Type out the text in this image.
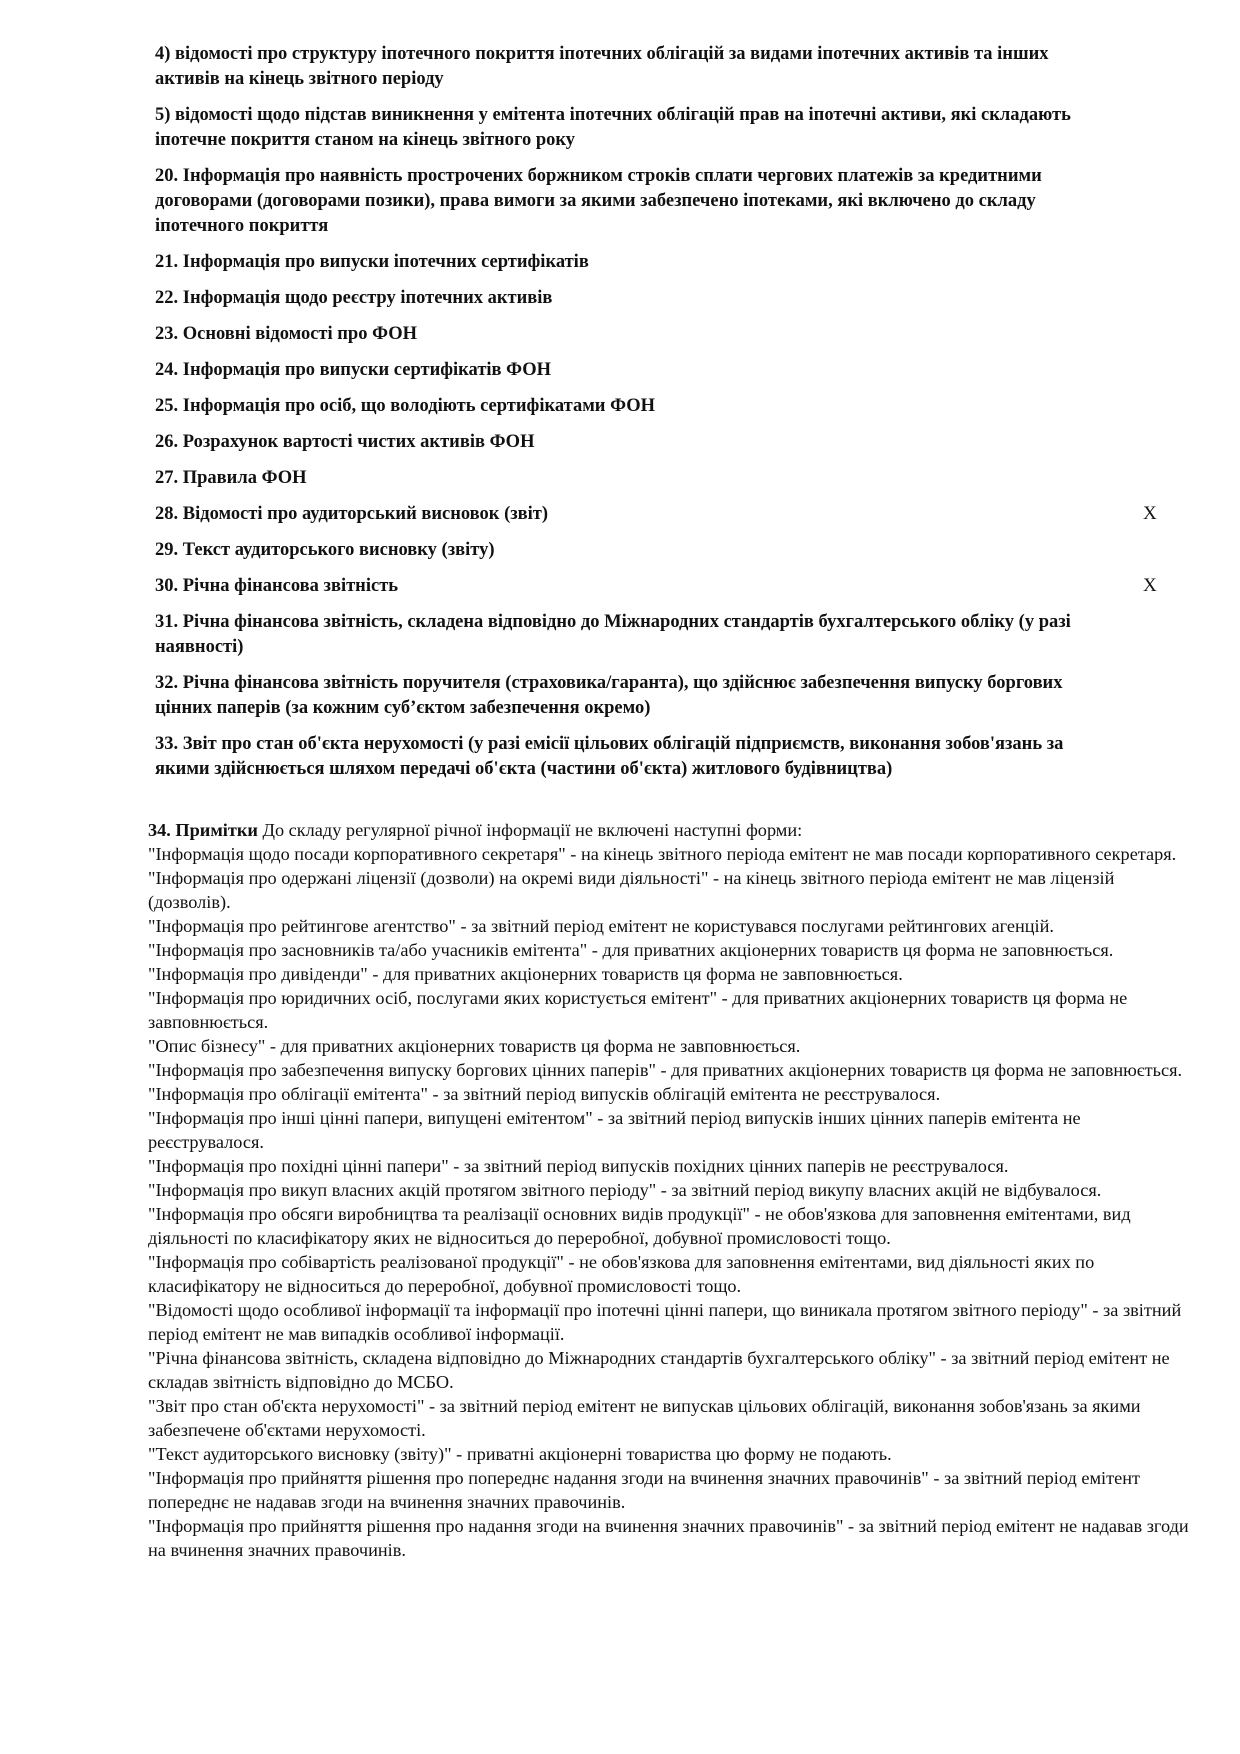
4) відомості про структуру іпотечного покриття іпотечних облігацій за видами іпотечних активів та інших активів на кінець звітного періоду
5) відомості щодо підстав виникнення у емітента іпотечних облігацій прав на іпотечні активи, які складають іпотечне покриття станом на кінець звітного року
20. Інформація про наявність прострочених боржником строків сплати чергових платежів за кредитними договорами (договорами позики), права вимоги за якими забезпечено іпотеками, які включено до складу іпотечного покриття
21. Інформація про випуски іпотечних сертифікатів
22. Інформація щодо реєстру іпотечних активів
23. Основні відомості про ФОН
24. Інформація про випуски сертифікатів ФОН
25. Інформація про осіб, що володіють сертифікатами ФОН
26. Розрахунок вартості чистих активів ФОН
27. Правила ФОН
28. Відомості про аудиторський висновок (звіт)	X
29. Текст аудиторського висновку (звіту)
30. Річна фінансова звітність	X
31. Річна фінансова звітність, складена відповідно до Міжнародних стандартів бухгалтерського обліку (у разі наявності)
32. Річна фінансова звітність поручителя (страховика/гаранта), що здійснює забезпечення випуску боргових цінних паперів (за кожним суб’єктом забезпечення окремо)
33. Звіт про стан об'єкта нерухомості (у разі емісії цільових облігацій підприємств, виконання зобов'язань за якими здійснюється шляхом передачі об'єкта (частини об'єкта) житлового будівництва)
34. Примітки До складу регулярної річної інформації не включені наступні форми:
"Інформація щодо посади корпоративного секретаря" - на кінець звітного періода емітент не мав посади корпоративного секретаря.
"Інформація про одержані ліцензії (дозволи) на окремі види діяльності" - на кінець звітного періода емітент не мав ліцензій (дозволів).
"Інформація про рейтингове агентство" - за звітний період емітент не користувався послугами рейтингових агенцій.
"Інформація про засновників та/або учасників емітента" - для приватних акціонерних товариств ця форма не заповнюється.
"Інформація про дивіденди" - для приватних акціонерних товариств ця форма не завповнюється.
"Інформація про юридичних осіб, послугами яких користується емітент" - для приватних акціонерних товариств ця форма не завповнюється.
"Опис бізнесу" - для приватних акціонерних товариств ця форма не завповнюється.
"Інформація про забезпечення випуску боргових цінних паперів" - для приватних акціонерних товариств ця форма не заповнюється.
"Інформація про облігації емітента" - за звітний період випусків облігацій емітента не реєструвалося.
"Інформація про інші цінні папери, випущені емітентом" - за звітний період випусків інших цінних паперів емітента не реєструвалося.
"Інформація про похідні цінні папери" - за звітний період випусків похідних цінних паперів не реєструвалося.
"Інформація про викуп власних акцій протягом звітного періоду" - за звітний період викупу власних акцій не відбувалося.
"Інформація про обсяги виробництва та реалізації основних видів продукції" - не обов'язкова для заповнення емітентами, вид діяльності по класифікатору яких не відноситься до переробної, добувної промисловості тощо.
"Інформація про собівартість реалізованої продукції" - не обов'язкова для заповнення емітентами, вид діяльності яких по класифікатору не відноситься до переробної, добувної промисловості тощо.
"Відомості щодо особливої інформації та інформації про іпотечні цінні папери, що виникала протягом звітного періоду" - за звітний період емітент не мав випадків особливої інформації.
"Річна фінансова звітність, складена відповідно до Міжнародних стандартів бухгалтерського обліку" - за звітний період емітент не складав звітність відповідно до МСБО.
"Звіт про стан об'єкта нерухомості" - за звітний період емітент не випускав цільових облігацій, виконання зобов'язань за якими забезпечене об'єктами нерухомості.
"Текст аудиторського висновку (звіту)" - приватні акціонерні товариства цю форму не подають.
"Інформація про прийняття рішення про попереднє надання згоди на вчинення значних правочинів" - за звітний період емітент попереднє не надавав згоди на вчинення значних правочинів.
"Інформація про прийняття рішення про надання згоди на вчинення значних правочинів" - за звітний період емітент не надавав згоди на вчинення значних правочинів.
